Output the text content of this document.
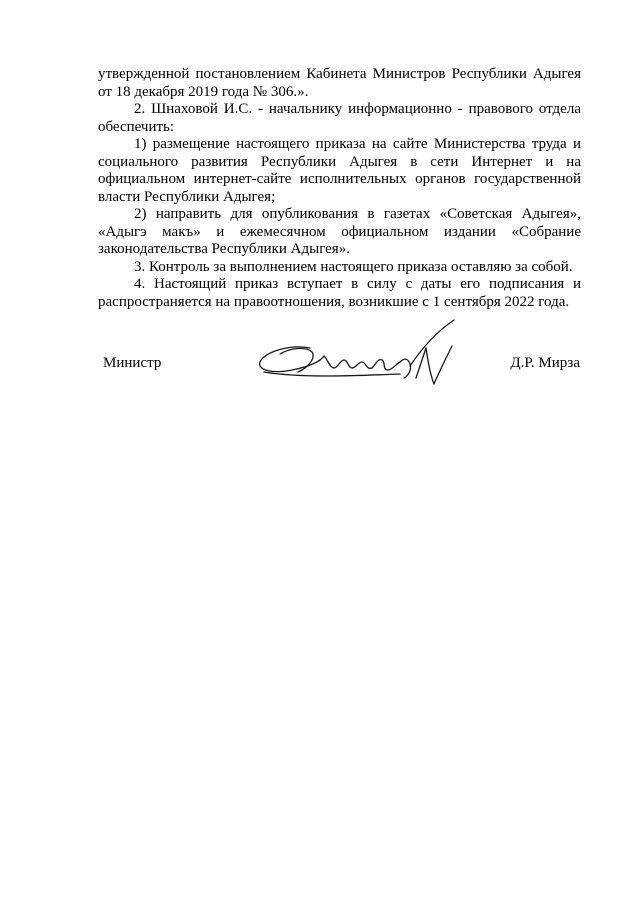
утвержденной постановлением Кабинета Министров Республики Адыгея от 18 декабря 2019 года № 306.».

2. Шнаховой И.С. - начальнику информационно - правового отдела обеспечить:

1) размещение настоящего приказа на сайте Министерства труда и социального развития Республики Адыгея в сети Интернет и на официальном интернет-сайте исполнительных органов государственной власти Республики Адыгея;

2) направить для опубликования в газетах «Советская Адыгея», «Адыгэ макъ» и ежемесячном официальном издании «Собрание законодательства Республики Адыгея».

3. Контроль за выполнением настоящего приказа оставляю за собой.

4. Настоящий приказ вступает в силу с даты его подписания и распространяется на правоотношения, возникшие с 1 сентября 2022 года.

Министр	Д.Р. Мирза
